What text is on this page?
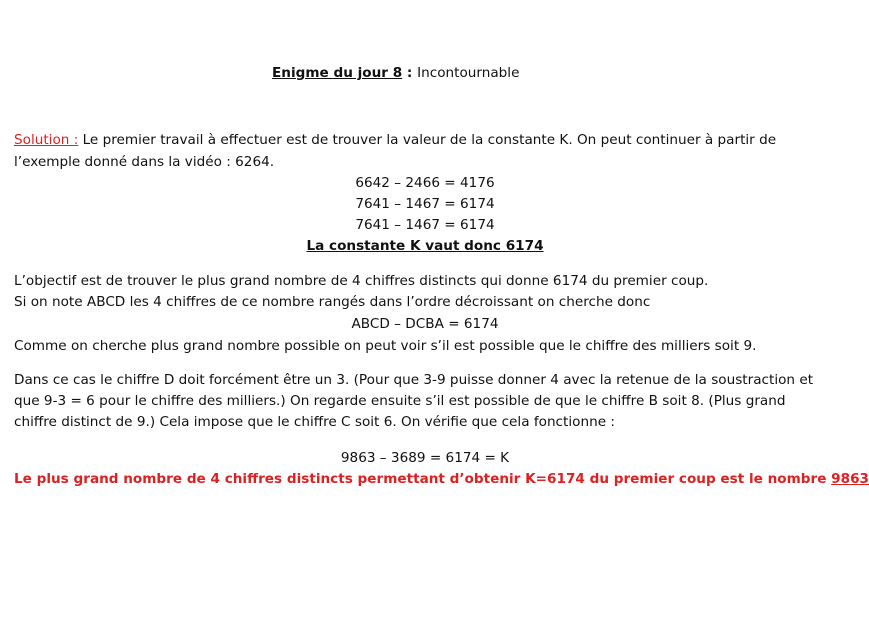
Enigme du jour 8 : Incontournable
Solution : Le premier travail à effectuer est de trouver la valeur de la constante K. On peut continuer à partir de
l’exemple donné dans la vidéo : 6264.
6642 – 2466 = 4176
7641 – 1467 = 6174
7641 – 1467 = 6174
La constante K vaut donc 6174
L’objectif est de trouver le plus grand nombre de 4 chiffres distincts qui donne 6174 du premier coup.
Si on note ABCD les 4 chiffres de ce nombre rangés dans l’ordre décroissant on cherche donc
ABCD – DCBA = 6174
Comme on cherche plus grand nombre possible on peut voir s’il est possible que le chiffre des milliers soit 9.
Dans ce cas le chiffre D doit forcément être un 3. (Pour que 3-9 puisse donner 4 avec la retenue de la soustraction et
que 9-3 = 6 pour le chiffre des milliers.) On regarde ensuite s’il est possible de que le chiffre B soit 8. (Plus grand
chiffre distinct de 9.) Cela impose que le chiffre C soit 6. On vérifie que cela fonctionne :
9863 – 3689 = 6174 = K
Le plus grand nombre de 4 chiffres distincts permettant d’obtenir K=6174 du premier coup est le nombre 9863
